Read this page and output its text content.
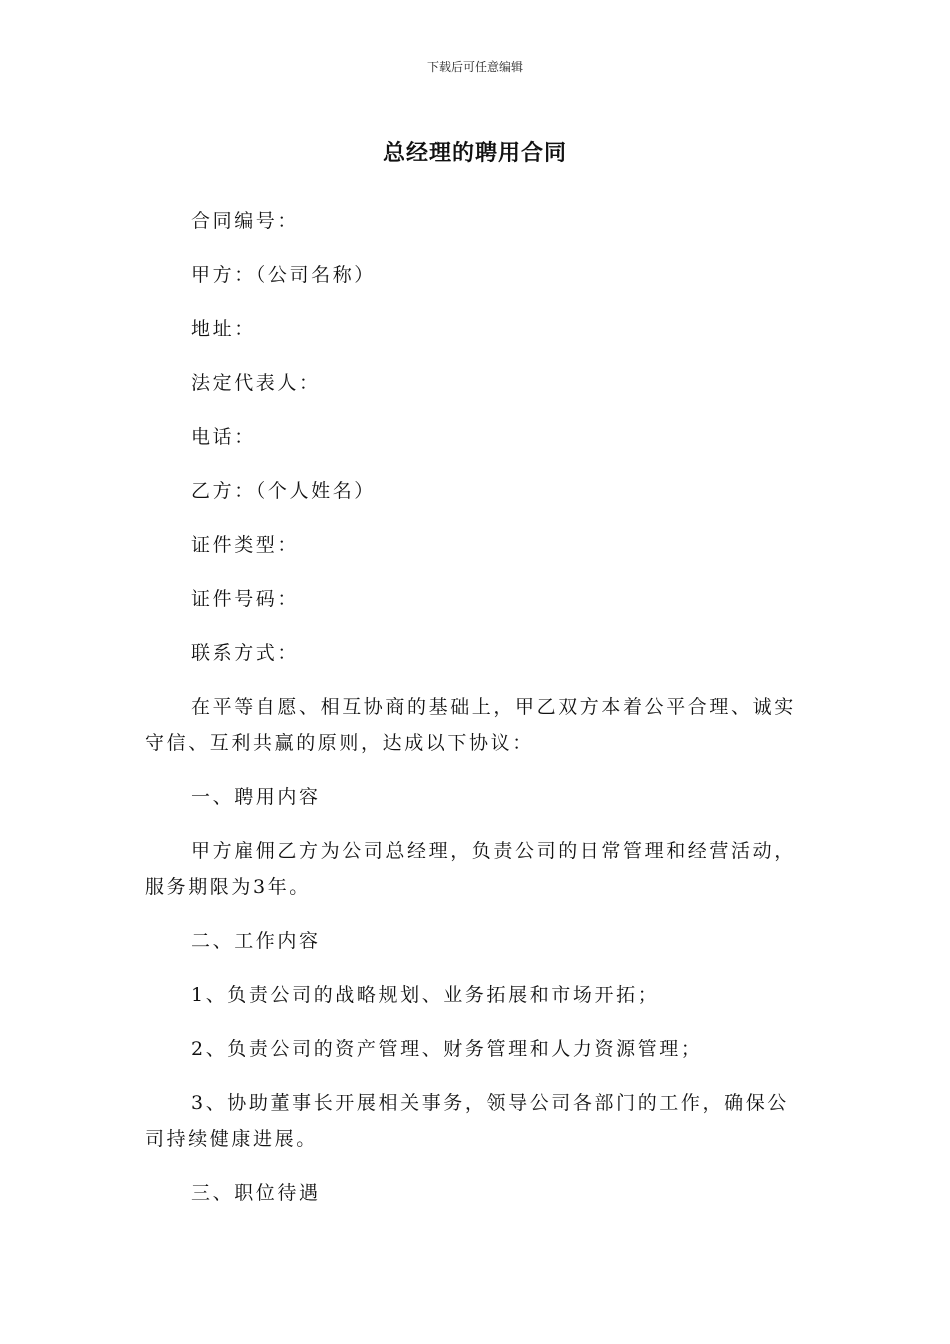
下载后可任意编辑
总经理的聘用合同

合同编号：

甲方：（公司名称）

地址：

法定代表人：

电话：

乙方：（个人姓名）

证件类型：

证件号码：

联系方式：

在平等自愿、相互协商的基础上，甲乙双方本着公平合理、诚实守信、互利共赢的原则，达成以下协议：

一、聘用内容

甲方雇佣乙方为公司总经理，负责公司的日常管理和经营活动，服务期限为3年。

二、工作内容

1、负责公司的战略规划、业务拓展和市场开拓；

2、负责公司的资产管理、财务管理和人力资源管理；

3、协助董事长开展相关事务，领导公司各部门的工作，确保公司持续健康进展。

三、职位待遇
